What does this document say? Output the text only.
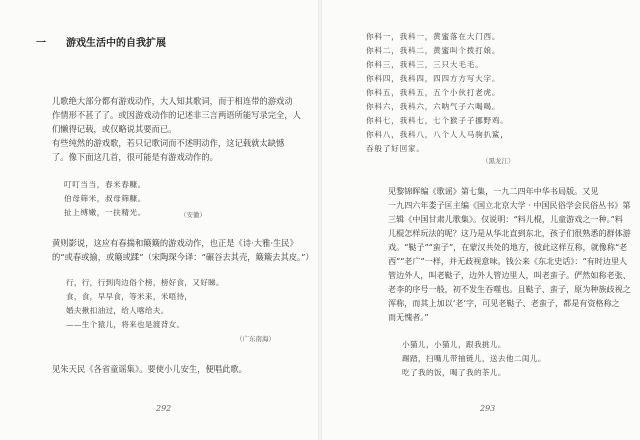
一 游戏生活中的自我扩展
儿歌绝大部分都有游戏动作，大人知其歌词，而于相连带的游戏动
作情形不甚了了。或因游戏动作的记述非三言两语所能写录完全，人
们懒得记载，或仅略说其要而已。
有些纯然的游戏歌，若只记歌词而不述明动作，这记载就太缺憾
了。像下面这几首，很可能是有游戏动作的。
叮叮当当，春米春糠。
伯母筛米，叔母筛糠。
扯上缚嫩，一扶精光。	（安徽）
黄则影说，这应有春揣和簸簸的游戏动作，也正是《诗·大雅·生民》
的“或春或揄，或簸或蹂”（宋陶琛今译：“碾谷去其壳，簸簸去其皮。”）
行，行，行到肉边俗个榜，榜好食，又好睇。
食，食，早早食，等米来，米唔待，
婚夫揪扣油过，给人喀给夫。
——生个猿儿，将来也是渡背女。
（广东南海）
见朱天民《各省童谣集》。要使小儿安生，便唱此歌。
292
你科一，我科一，黄蜜落在大门西。
你科二，我科二，黄蜜叫个拨打娘。
你科三，我科三，三只大毛毛。
你科四，我科四，四四方方写大字。
你科五，我科五，五个小伙打老虎。
你科六，我科六，六呐气子六喝喝。
你科七，我科七，七个猴子子挪野鸡。
你科八，我科八，八个人人马驹扒鲨，
吞般了好回家。
（黑龙江）
见黎锦晖编《歌谣》第七集，一九二四年中华书局版。又见
一九四六年娄子匡主编《国立北京大学 · 中国民俗学会民俗丛书》第
三辑《中国甘肃儿歌集》。仅说明：“料儿棍，儿童游戏之一种。”料
儿棍怎样玩法的呢？这乃是从华北直到东北，孩子们很熟悉的群体游
戏。“鞑子”“蛮子”，在蒙汉共处的地方，彼此这样互称，就像称“老
西”“老广”一样，并无歧视意味。钱公来《东北史话》：“有时边里人
管边外人，叫老鞑子，边外人管边里人，叫老蛮子。俨然如称老张、
老李的序号一般，初不发生吞噬也。且鞑子、蛮子，原为种族歧视之
浑称，而其上加以‘老’字，可见老鞑子、老蛮子，都是有资格称之
而无愧者。”
小猫儿，小猫儿，跟我挑儿。
踢踏，扫嘴儿带抽链儿，送去他二闺儿。
吃了我的饭，喝了我的茶儿。
293
